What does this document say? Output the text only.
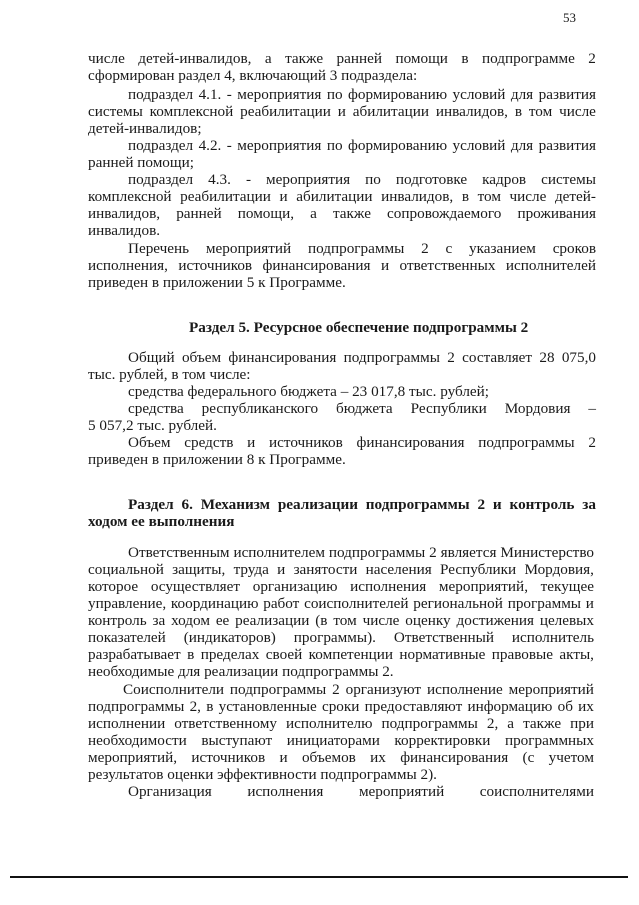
53
числе детей-инвалидов, а также ранней помощи в подпрограмме 2
сформирован раздел 4, включающий 3 подраздела:
подраздел 4.1. - мероприятия по формированию условий для развития
системы комплексной реабилитации и абилитации инвалидов, в том числе
детей-инвалидов;
подраздел 4.2. - мероприятия по формированию условий для развития
ранней помощи;
подраздел 4.3. - мероприятия по подготовке кадров системы
комплексной реабилитации и абилитации инвалидов, в том числе детей-
инвалидов, ранней помощи, а также сопровождаемого проживания
инвалидов.
Перечень мероприятий подпрограммы 2 с указанием сроков
исполнения, источников финансирования и ответственных исполнителей
приведен в приложении 5 к Программе.
Раздел 5. Ресурсное обеспечение подпрограммы 2
Общий объем финансирования подпрограммы 2 составляет 28 075,0
тыс. рублей, в том числе:
средства федерального бюджета – 23 017,8 тыс. рублей;
средства республиканского бюджета Республики Мордовия –
5 057,2 тыс. рублей.
Объем средств и источников финансирования подпрограммы 2
приведен в приложении 8 к Программе.
Раздел 6. Механизм реализации подпрограммы 2 и контроль за
ходом ее выполнения
Ответственным исполнителем подпрограммы 2 является Министерство
социальной защиты, труда и занятости населения Республики Мордовия,
которое осуществляет организацию исполнения мероприятий, текущее
управление, координацию работ соисполнителей региональной программы и
контроль за ходом ее реализации (в том числе оценку достижения целевых
показателей (индикаторов) программы). Ответственный исполнитель
разрабатывает в пределах своей компетенции нормативные правовые акты,
необходимые для реализации подпрограммы 2.
Соисполнители подпрограммы 2 организуют исполнение мероприятий
подпрограммы 2, в установленные сроки предоставляют информацию об их
исполнении ответственному исполнителю подпрограммы 2, а также при
необходимости выступают инициаторами корректировки программных
мероприятий, источников и объемов их финансирования (с учетом
результатов оценки эффективности подпрограммы 2).
Организация исполнения мероприятий соисполнителями
